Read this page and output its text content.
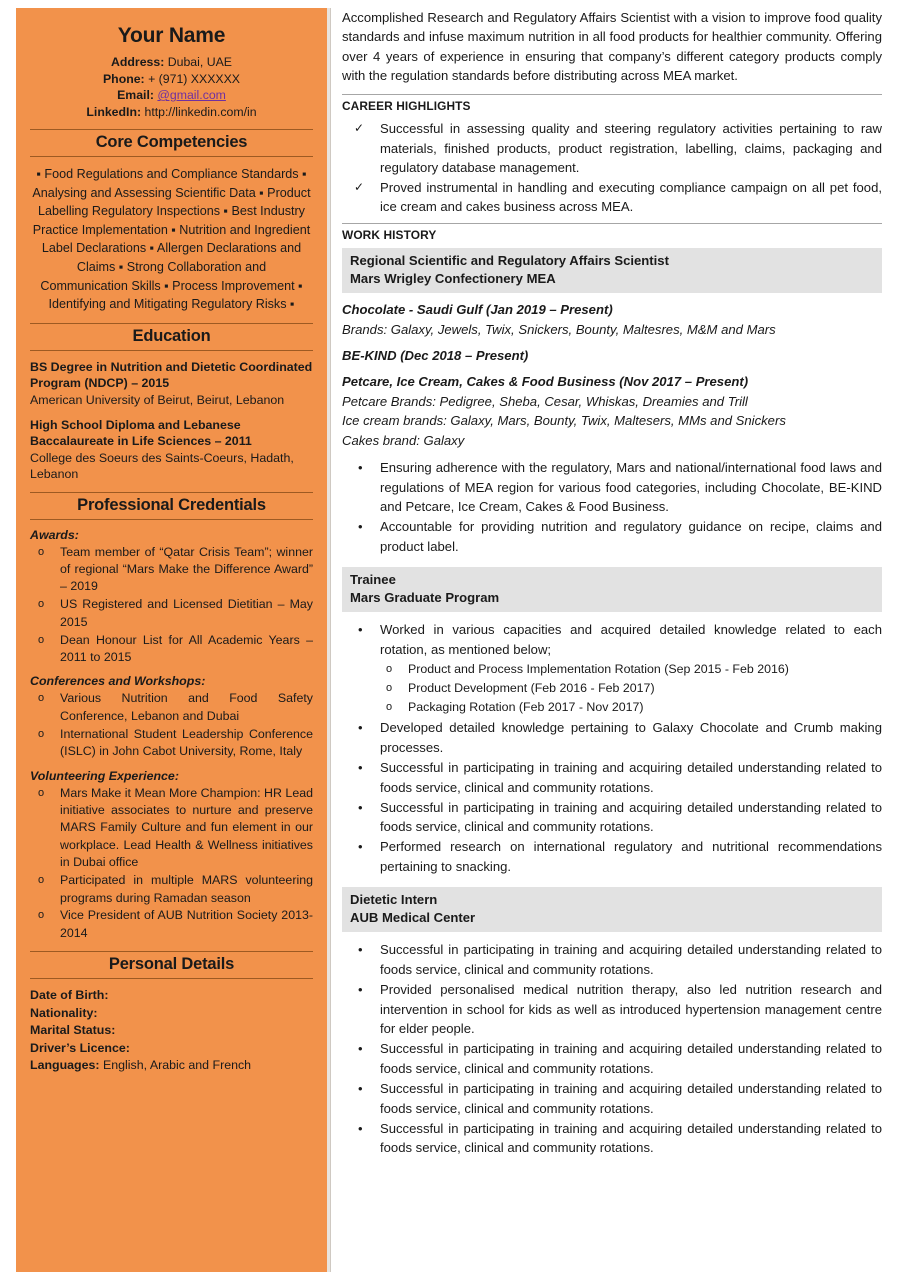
Your Name
Address: Dubai, UAE
Phone: + (971) XXXXXX
Email: @gmail.com
LinkedIn: http://linkedin.com/in
Core Competencies
▪ Food Regulations and Compliance Standards ▪ Analysing and Assessing Scientific Data ▪ Product Labelling Regulatory Inspections ▪ Best Industry Practice Implementation ▪ Nutrition and Ingredient Label Declarations ▪ Allergen Declarations and Claims ▪ Strong Collaboration and Communication Skills ▪ Process Improvement ▪ Identifying and Mitigating Regulatory Risks ▪
Education
BS Degree in Nutrition and Dietetic Coordinated Program (NDCP) – 2015
American University of Beirut, Beirut, Lebanon
High School Diploma and Lebanese Baccalaureate in Life Sciences – 2011
College des Soeurs des Saints-Coeurs, Hadath, Lebanon
Professional Credentials
Awards:
o Team member of “Qatar Crisis Team”; winner of regional “Mars Make the Difference Award” – 2019
o US Registered and Licensed Dietitian – May 2015
o Dean Honour List for All Academic Years – 2011 to 2015
Conferences and Workshops:
o Various Nutrition and Food Safety Conference, Lebanon and Dubai
o International Student Leadership Conference (ISLC) in John Cabot University, Rome, Italy
Volunteering Experience:
o Mars Make it Mean More Champion: HR Lead initiative associates to nurture and preserve MARS Family Culture and fun element in our workplace. Lead Health & Wellness initiatives in Dubai office
o Participated in multiple MARS volunteering programs during Ramadan season
o Vice President of AUB Nutrition Society 2013-2014
Personal Details
Date of Birth:
Nationality:
Marital Status:
Driver’s Licence:
Languages: English, Arabic and French
Accomplished Research and Regulatory Affairs Scientist with a vision to improve food quality standards and infuse maximum nutrition in all food products for healthier community. Offering over 4 years of experience in ensuring that company’s different category products comply with the regulation standards before distributing across MEA market.
CAREER HIGHLIGHTS
✓ Successful in assessing quality and steering regulatory activities pertaining to raw materials, finished products, product registration, labelling, claims, packaging and regulatory database management.
✓ Proved instrumental in handling and executing compliance campaign on all pet food, ice cream and cakes business across MEA.
WORK HISTORY
Regional Scientific and Regulatory Affairs Scientist
Mars Wrigley Confectionery MEA
Chocolate - Saudi Gulf (Jan 2019 – Present)
Brands: Galaxy, Jewels, Twix, Snickers, Bounty, Maltesres, M&M and Mars
BE-KIND (Dec 2018 – Present)
Petcare, Ice Cream, Cakes & Food Business (Nov 2017 – Present)
Petcare Brands: Pedigree, Sheba, Cesar, Whiskas, Dreamies and Trill
Ice cream brands: Galaxy, Mars, Bounty, Twix, Maltesers, MMs and Snickers
Cakes brand: Galaxy
• Ensuring adherence with the regulatory, Mars and national/international food laws and regulations of MEA region for various food categories, including Chocolate, BE-KIND and Petcare, Ice Cream, Cakes & Food Business.
• Accountable for providing nutrition and regulatory guidance on recipe, claims and product label.
Trainee
Mars Graduate Program
• Worked in various capacities and acquired detailed knowledge related to each rotation, as mentioned below;
o Product and Process Implementation Rotation (Sep 2015 - Feb 2016)
o Product Development (Feb 2016 - Feb 2017)
o Packaging Rotation (Feb 2017 - Nov 2017)
• Developed detailed knowledge pertaining to Galaxy Chocolate and Crumb making processes.
• Successful in participating in training and acquiring detailed understanding related to foods service, clinical and community rotations.
• Successful in participating in training and acquiring detailed understanding related to foods service, clinical and community rotations.
• Performed research on international regulatory and nutritional recommendations pertaining to snacking.
Dietetic Intern
AUB Medical Center
• Successful in participating in training and acquiring detailed understanding related to foods service, clinical and community rotations.
• Provided personalised medical nutrition therapy, also led nutrition research and intervention in school for kids as well as introduced hypertension management centre for elder people.
• Successful in participating in training and acquiring detailed understanding related to foods service, clinical and community rotations.
• Successful in participating in training and acquiring detailed understanding related to foods service, clinical and community rotations.
• Successful in participating in training and acquiring detailed understanding related to foods service, clinical and community rotations.
